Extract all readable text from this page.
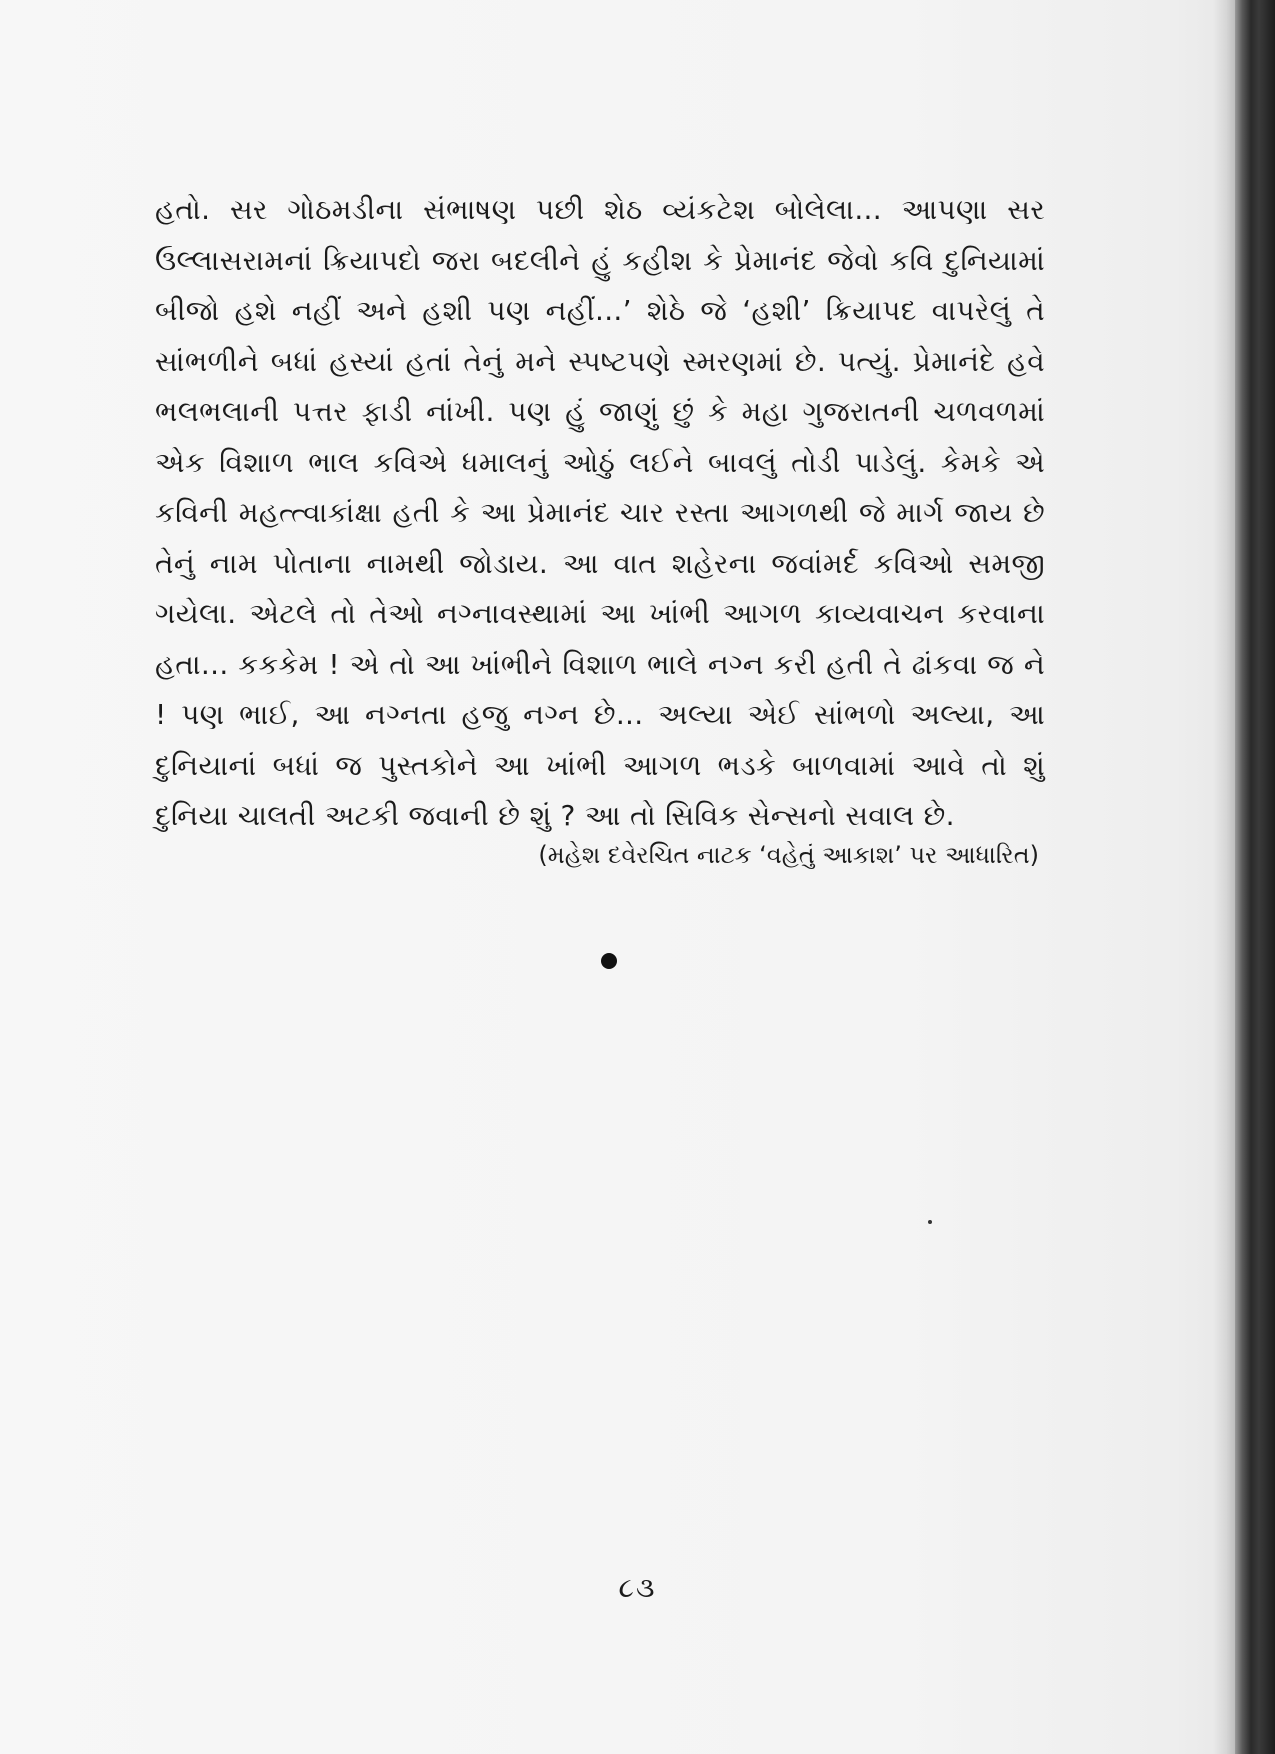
હતો. સર ગોઠમડીના સંભાષણ પછી શેઠ વ્યંકટેશ બોલેલા... આપણા સર ઉલ્લાસરામનાં ક્રિયાપદો જરા બદલીને હું કહીશ કે પ્રેમાનંદ જેવો કવિ દુનિયામાં બીજો હશે નહીં અને હશી પણ નહીં...’ શેઠે જે ‘હશી’ ક્રિયાપદ વાપરેલું તે સાંભળીને બધાં હસ્યાં હતાં તેનું મને સ્પષ્ટપણે સ્મરણમાં છે. પત્યું. પ્રેમાનંદે હવે ભલભલાની પત્તર ફાડી નાંખી. પણ હું જાણું છું કે મહા ગુજરાતની ચળવળમાં એક વિશાળ ભાલ કવિએ ધમાલનું ઓઠું લઈને બાવલું તોડી પાડેલું. કેમકે એ કવિની મહત્ત્વાકાંક્ષા હતી કે આ પ્રેમાનંદ ચાર રસ્તા આગળથી જે માર્ગ જાય છે તેનું નામ પોતાના નામથી જોડાય. આ વાત શહેરના જવાંમર્દ કવિઓ સમજી ગયેલા. એટલે તો તેઓ નગ્નાવસ્થામાં આ ખાંભી આગળ કાવ્યવાચન કરવાના હતા... કકકેમ ! એ તો આ ખાંભીને વિશાળ ભાલે નગ્ન કરી હતી તે ઢાંકવા જ ને ! પણ ભાઈ, આ નગ્નતા હજુ નગ્ન છે... અલ્યા એઈ સાંભળો અલ્યા, આ દુનિયાનાં બધાં જ પુસ્તકોને આ ખાંભી આગળ ભડકે બાળવામાં આવે તો શું દુનિયા ચાલતી અટકી જવાની છે શું ? આ તો સિવિક સેન્સનો સવાલ છે.

(મહેશ દવેરચિત નાટક ‘વહેતું આકાશ’ પર આધારિત)

૮૩
